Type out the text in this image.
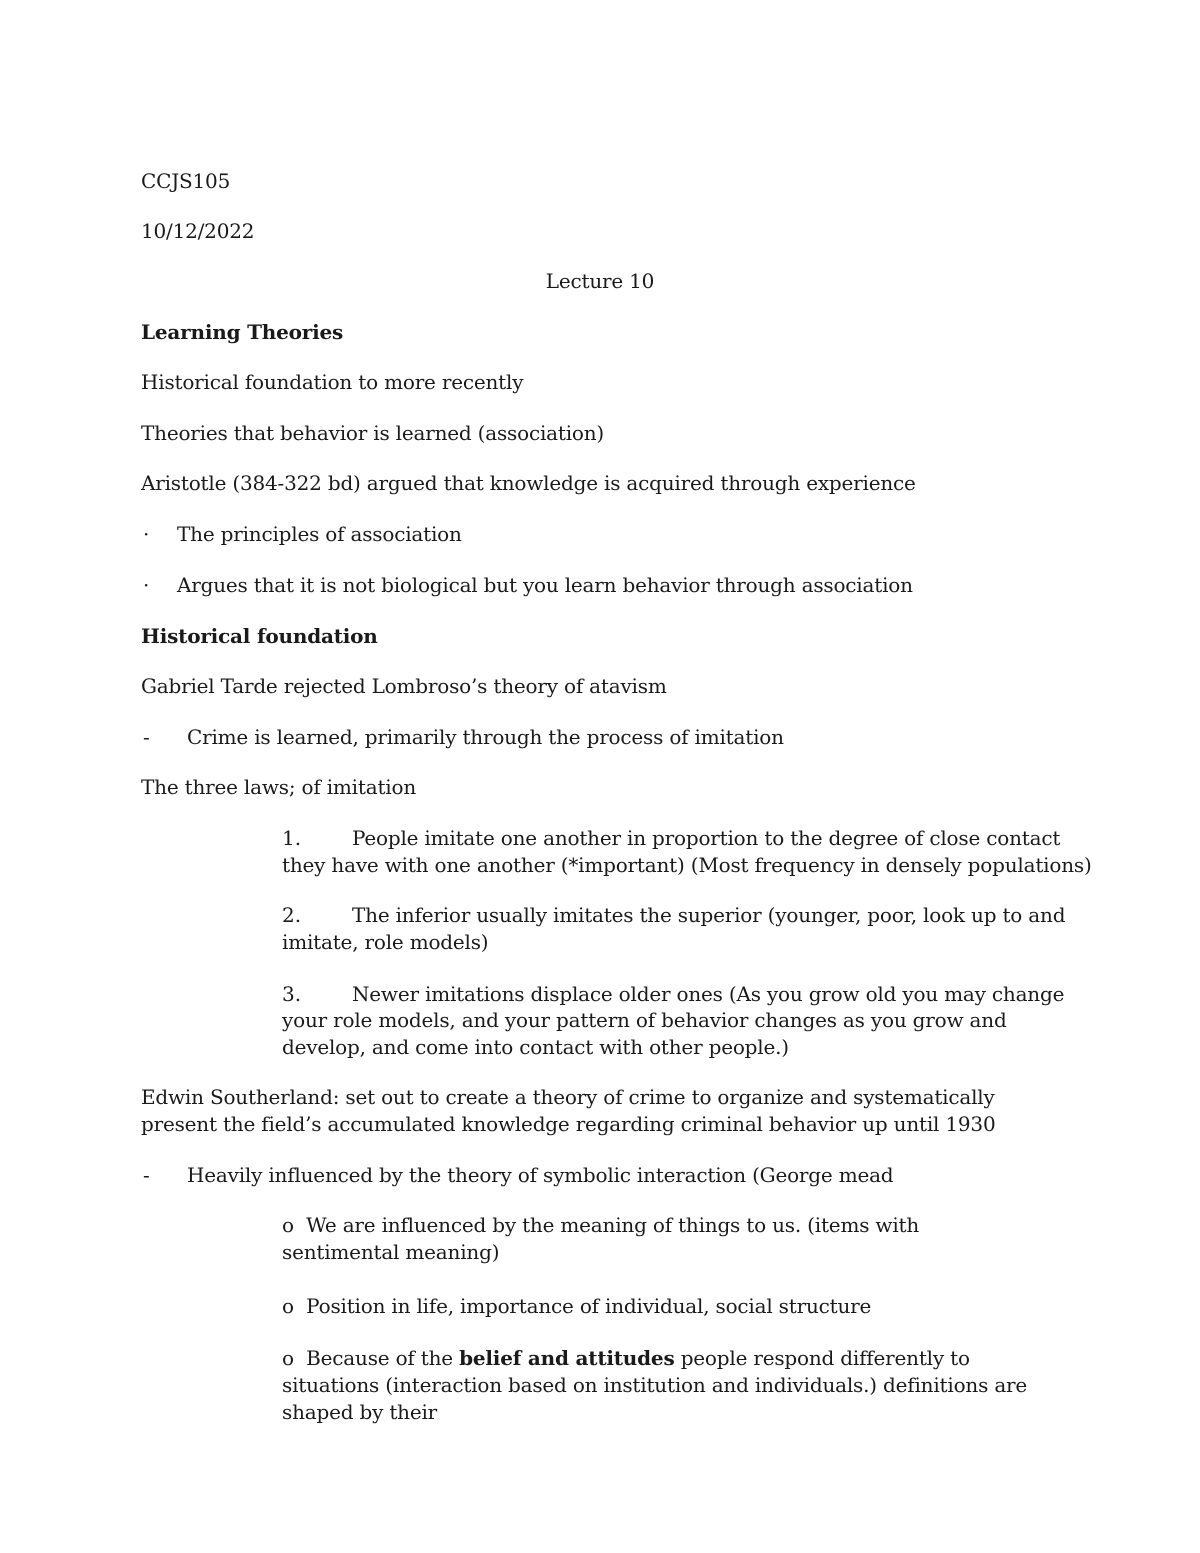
CCJS105
10/12/2022
Lecture 10
Learning Theories
Historical foundation to more recently
Theories that behavior is learned (association)
Aristotle (384-322 bd) argued that knowledge is acquired through experience
· The principles of association
· Argues that it is not biological but you learn behavior through association
Historical foundation
Gabriel Tarde rejected Lombroso’s theory of atavism
- Crime is learned, primarily through the process of imitation
The three laws; of imitation
1.	People imitate one another in proportion to the degree of close contact
they have with one another (*important) (Most frequency in densely populations)
2.	The inferior usually imitates the superior (younger, poor, look up to and
imitate, role models)
3.	Newer imitations displace older ones (As you grow old you may change
your role models, and your pattern of behavior changes as you grow and develop, and come into contact with other people.)
Edwin Southerland: set out to create a theory of crime to organize and systematically present the field’s accumulated knowledge regarding criminal behavior up until 1930
- Heavily influenced by the theory of symbolic interaction (George mead
o We are influenced by the meaning of things to us. (items with sentimental meaning)
o Position in life, importance of individual, social structure
o Because of the belief and attitudes people respond differently to situations (interaction based on institution and individuals.) definitions are shaped by their
